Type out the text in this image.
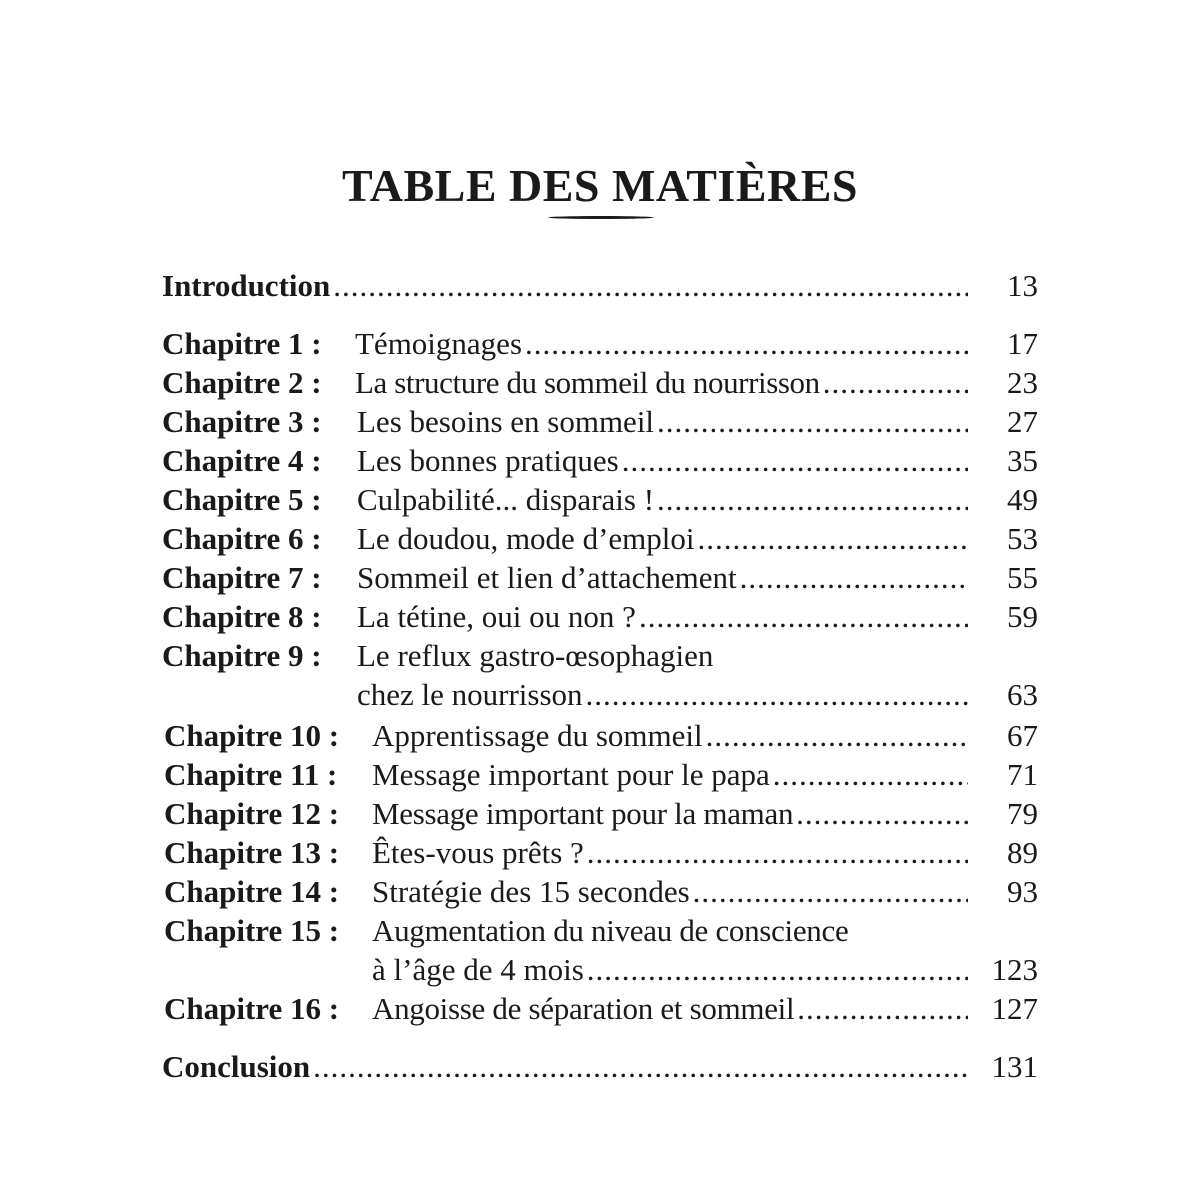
TABLE DES MATIÈRES
Introduction .....	13
Chapitre 1 : Témoignages .....	17
Chapitre 2 : La structure du sommeil du nourrisson .....	23
Chapitre 3 : Les besoins en sommeil .....	27
Chapitre 4 : Les bonnes pratiques .....	35
Chapitre 5 : Culpabilité... disparais ! .....	49
Chapitre 6 : Le doudou, mode d’emploi .....	53
Chapitre 7 : Sommeil et lien d’attachement .....	55
Chapitre 8 : La tétine, oui ou non ? .....	59
Chapitre 9 : Le reflux gastro-œsophagien
chez le nourrisson .....	63
Chapitre 10 : Apprentissage du sommeil .....	67
Chapitre 11 : Message important pour le papa .....	71
Chapitre 12 : Message important pour la maman .....	79
Chapitre 13 : Êtes-vous prêts ? .....	89
Chapitre 14 : Stratégie des 15 secondes .....	93
Chapitre 15 : Augmentation du niveau de conscience
à l’âge de 4 mois .....	123
Chapitre 16 : Angoisse de séparation et sommeil .....	127
Conclusion .....	131
